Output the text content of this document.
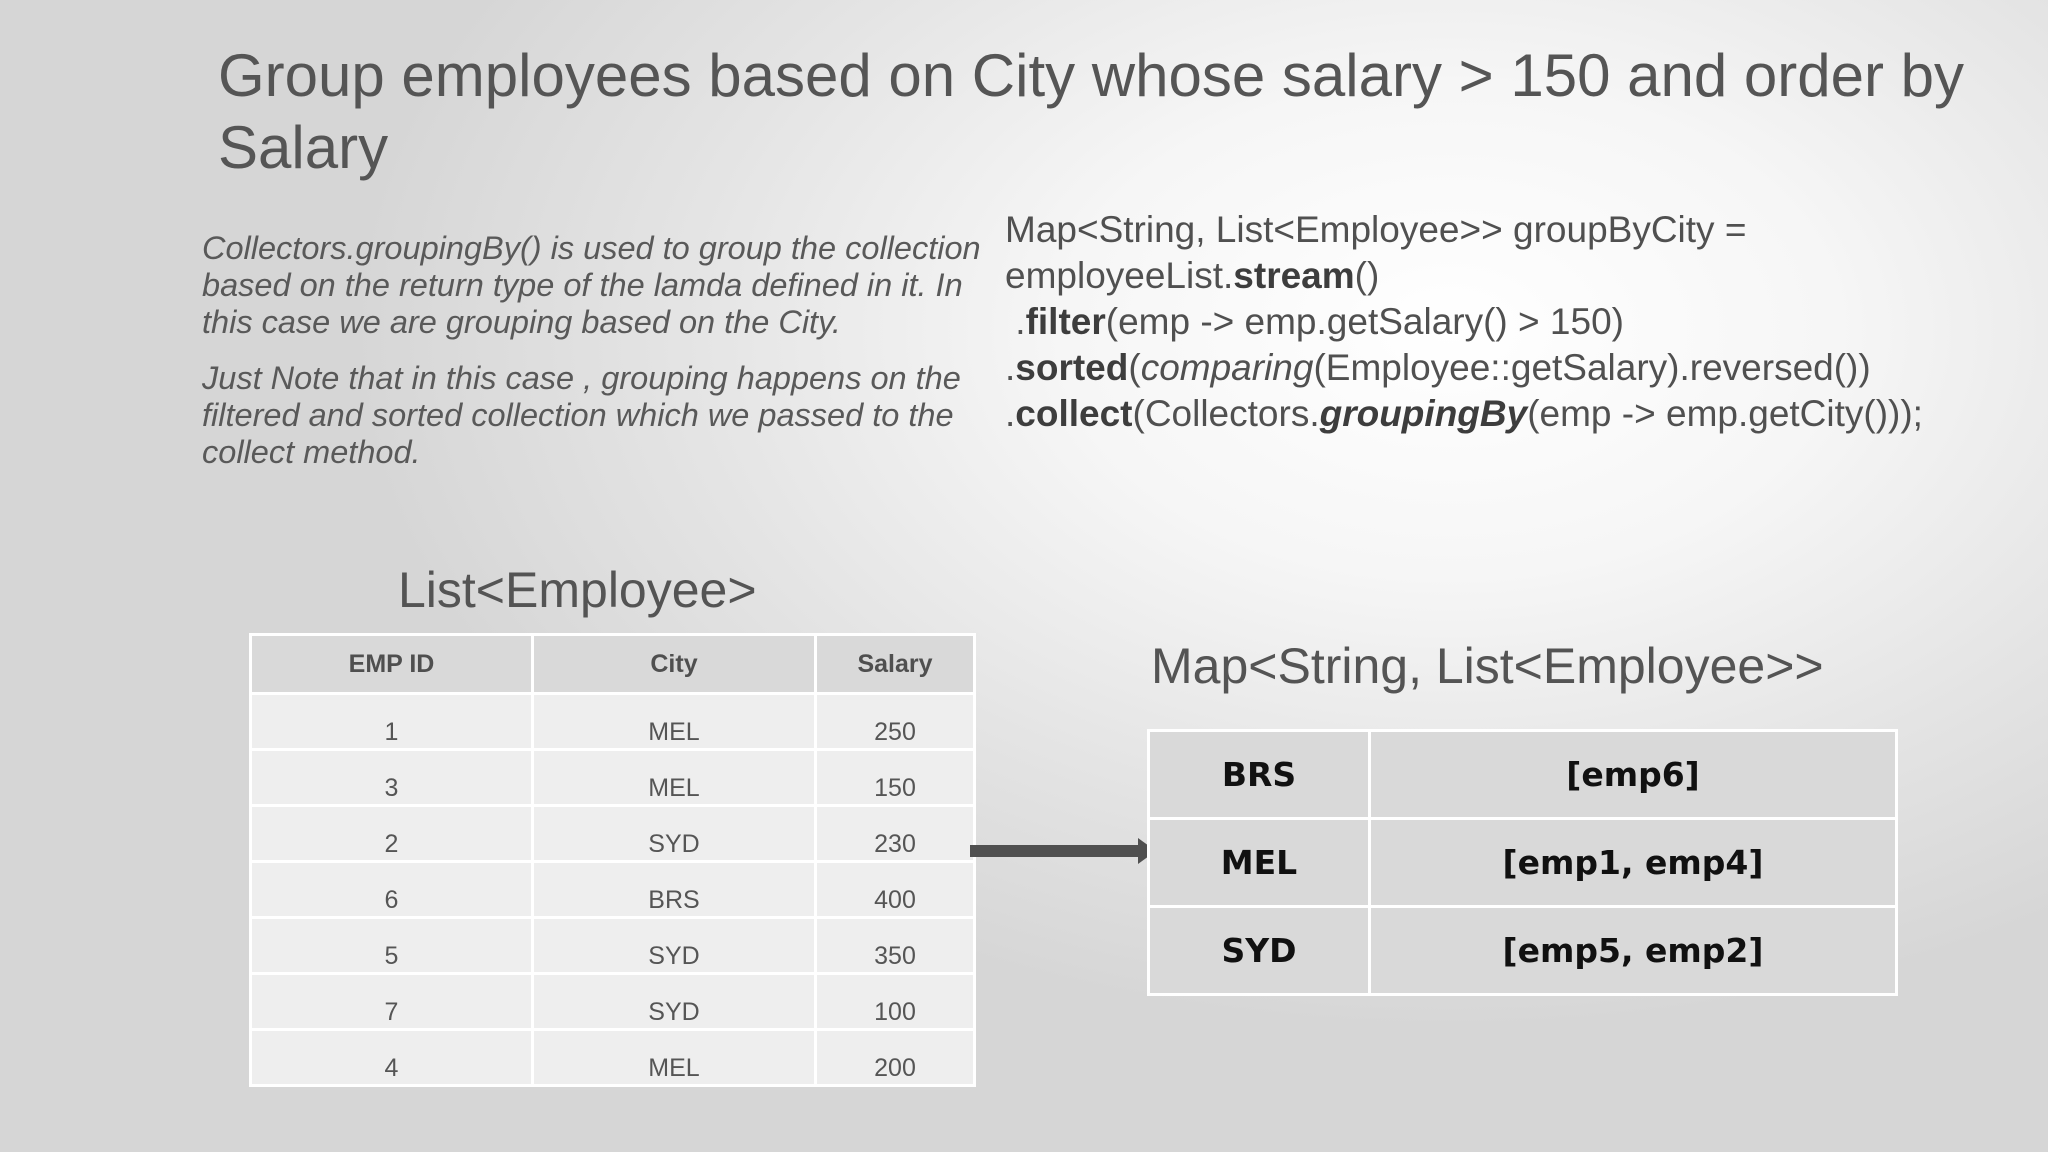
Group employees based on City whose salary > 150 and order by Salary

Collectors.groupingBy() is used to group the collection based on the return type of the lamda defined in it. In this case we are grouping based on the City.

Just Note that in this case , grouping happens on the filtered and sorted collection which we passed to the collect method.

Map<String, List<Employee>> groupByCity =
employeeList.stream()
.filter(emp -> emp.getSalary() > 150)
.sorted(comparing(Employee::getSalary).reversed())
.collect(Collectors.groupingBy(emp -> emp.getCity()));
List<Employee>
EMP ID	City	Salary
1	MEL	250
3	MEL	150
2	SYD	230
6	BRS	400
5	SYD	350
7	SYD	100
4	MEL	200
Map<String, List<Employee>>
BRS	[emp6]
MEL	[emp1, emp4]
SYD	[emp5, emp2]
